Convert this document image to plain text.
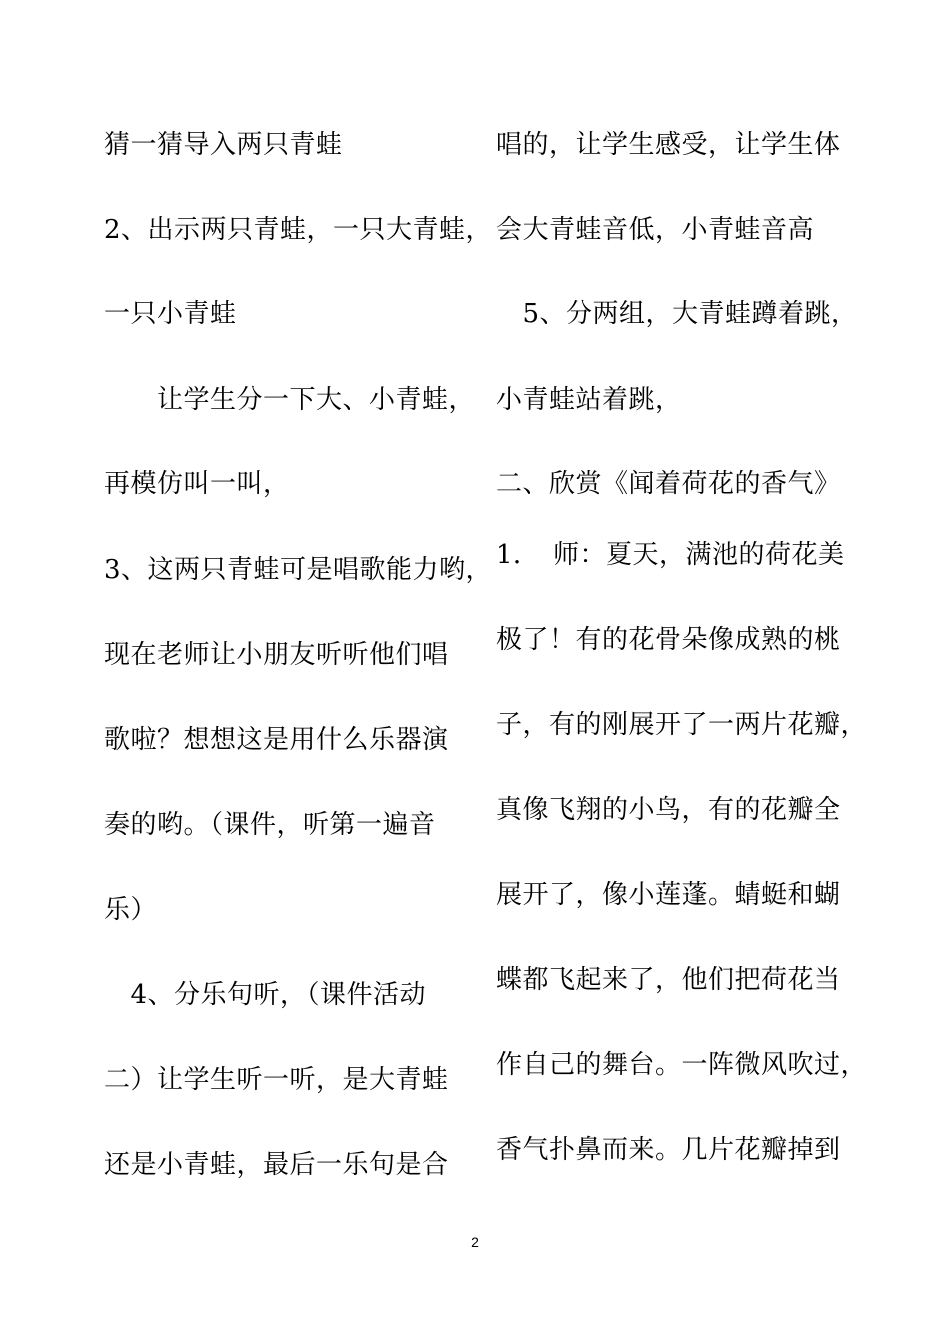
猜一猜导入两只青蛙
2、出示两只青蛙，一只大青蛙，
一只小青蛙
　　让学生分一下大、小青蛙，
再模仿叫一叫，
3、这两只青蛙可是唱歌能力哟，
现在老师让小朋友听听他们唱
歌啦？想想这是用什么乐器演
奏的哟。（课件，听第一遍音
乐）
　4、分乐句听，（课件活动
二）让学生听一听，是大青蛙
还是小青蛙，最后一乐句是合
唱的，让学生感受，让学生体
会大青蛙音低，小青蛙音高
　5、分两组，大青蛙蹲着跳，
小青蛙站着跳，
二、欣赏《闻着荷花的香气》
1．　师：夏天，满池的荷花美
极了！有的花骨朵像成熟的桃
子，有的刚展开了一两片花瓣，
真像飞翔的小鸟，有的花瓣全
展开了，像小莲蓬。蜻蜓和蝴
蝶都飞起来了，他们把荷花当
作自己的舞台。一阵微风吹过，
香气扑鼻而来。几片花瓣掉到
2
